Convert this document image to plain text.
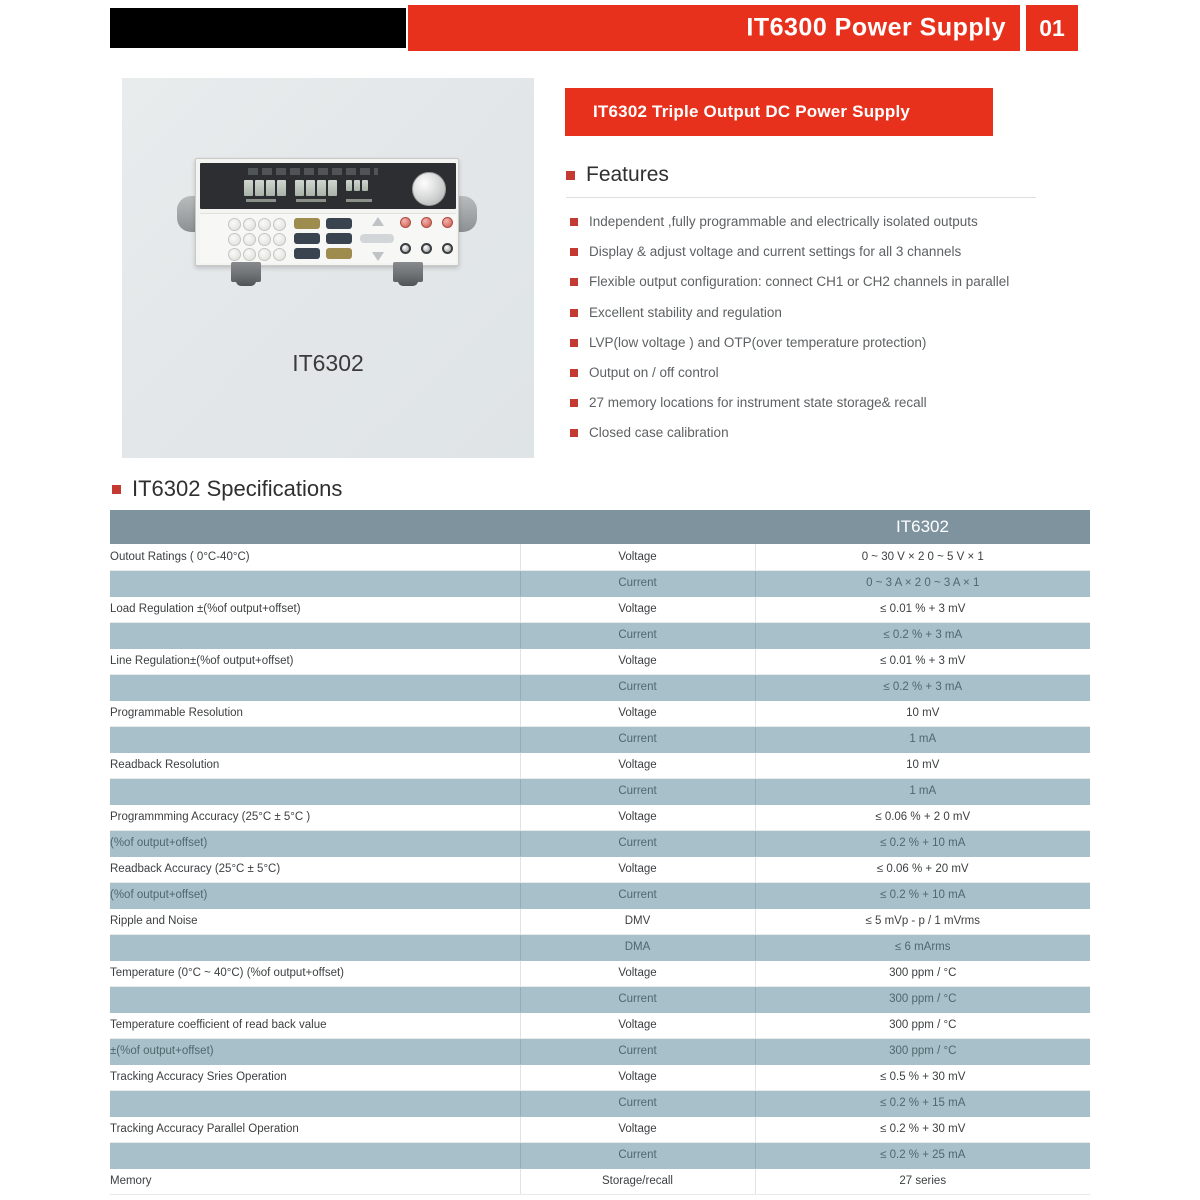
IT6300 Power Supply	01
IT6302
IT6302 Triple Output DC Power Supply
Features
Independent ,fully programmable and electrically isolated outputs
Display & adjust voltage and current settings for all 3 channels
Flexible output configuration: connect CH1 or CH2 channels in parallel
Excellent stability and regulation
LVP(low voltage ) and OTP(over temperature protection)
Output on / off control
27 memory locations for instrument state storage& recall
Closed case calibration
IT6302 Specifications
		IT6302
Outout Ratings ( 0°C-40°C)	Voltage	0 ~ 30 V × 2 0 ~ 5 V × 1
	Current	0 ~ 3 A × 2 0 ~ 3 A × 1
Load Regulation ±(%of output+offset)	Voltage	≤ 0.01 % + 3 mV
	Current	≤ 0.2 % + 3 mA
Line Regulation±(%of output+offset)	Voltage	≤ 0.01 % + 3 mV
	Current	≤ 0.2 % + 3 mA
Programmable Resolution	Voltage	10 mV
	Current	1 mA
Readback Resolution	Voltage	10 mV
	Current	1 mA
Programmming Accuracy (25°C ± 5°C )	Voltage	≤ 0.06 % + 2 0 mV
(%of output+offset)	Current	≤ 0.2 % + 10 mA
Readback Accuracy (25°C ± 5°C)	Voltage	≤ 0.06 % + 20 mV
(%of output+offset)	Current	≤ 0.2 % + 10 mA
Ripple and Noise	DMV	≤ 5 mVp - p / 1 mVrms
	DMA	≤ 6 mArms
Temperature (0°C ~ 40°C) (%of output+offset)	Voltage	300 ppm / °C
	Current	300 ppm / °C
Temperature coefficient of read back value	Voltage	300 ppm / °C
±(%of output+offset)	Current	300 ppm / °C
Tracking Accuracy Sries Operation	Voltage	≤ 0.5 % + 30 mV
	Current	≤ 0.2 % + 15 mA
Tracking Accuracy Parallel Operation	Voltage	≤ 0.2 % + 30 mV
	Current	≤ 0.2 % + 25 mA
Memory	Storage/recall	27 series
